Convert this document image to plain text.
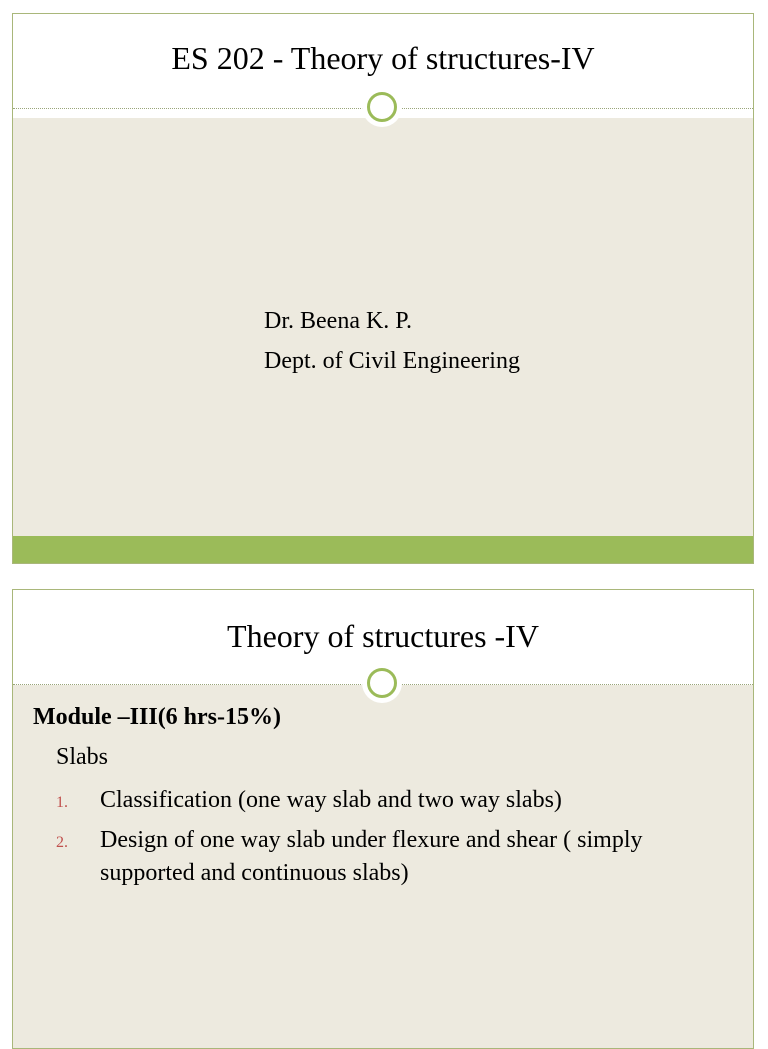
ES 202 - Theory of structures-IV
Dr. Beena K. P.
Dept. of Civil Engineering
Theory of structures -IV
Module –III(6 hrs-15%)
Slabs
1. Classification (one way slab and two way slabs)
2. Design of one way slab under flexure and shear ( simply supported and continuous slabs)
